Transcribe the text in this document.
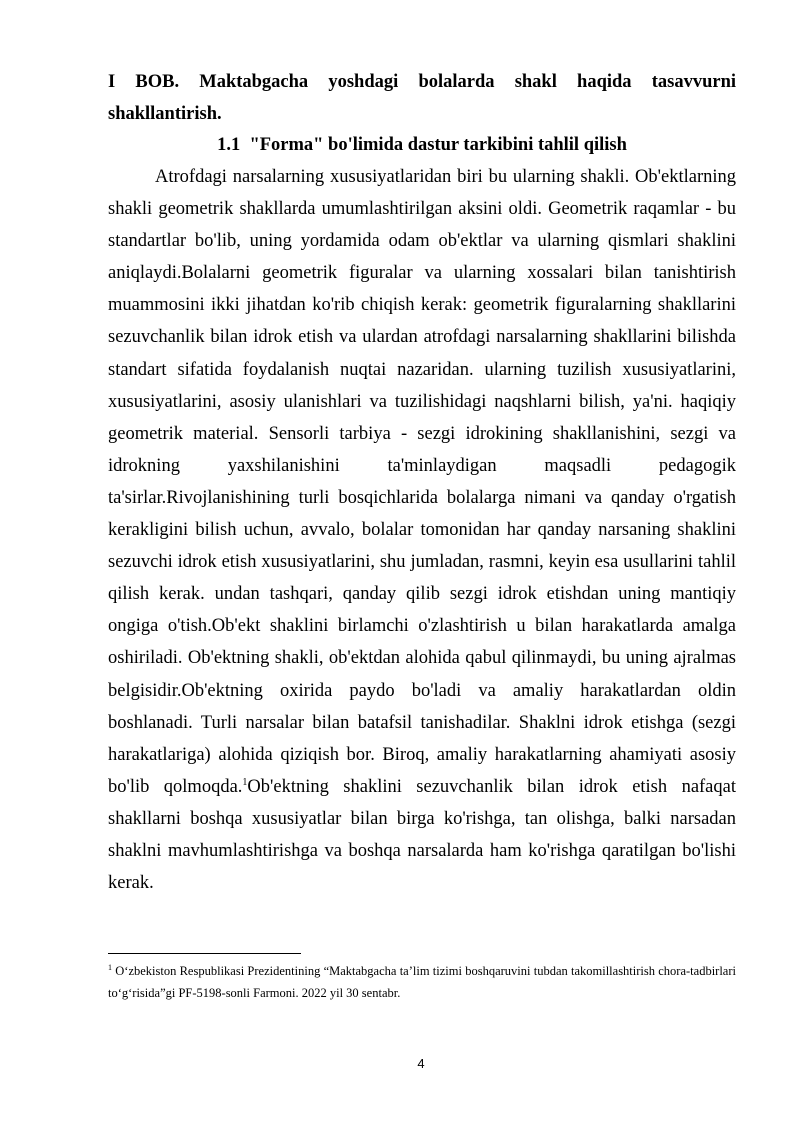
I BOB. Maktabgacha yoshdagi bolalarda shakl haqida tasavvurni shakllantirish.

1.1  "Forma" bo'limida dastur tarkibini tahlil qilish

Atrofdagi narsalarning xususiyatlaridan biri bu ularning shakli. Ob'ektlarning shakli geometrik shakllarda umumlashtirilgan aksini oldi. Geometrik raqamlar - bu standartlar bo'lib, uning yordamida odam ob'ektlar va ularning qismlari shaklini aniqlaydi.Bolalarni geometrik figuralar va ularning xossalari bilan tanishtirish muammosini ikki jihatdan ko'rib chiqish kerak: geometrik figuralarning shakllarini sezuvchanlik bilan idrok etish va ulardan atrofdagi narsalarning shakllarini bilishda standart sifatida foydalanish nuqtai nazaridan. ularning tuzilish xususiyatlarini, xususiyatlarini, asosiy ulanishlari va tuzilishidagi naqshlarni bilish, ya'ni. haqiqiy geometrik material. Sensorli tarbiya - sezgi idrokining shakllanishini, sezgi va idrokning yaxshilanishini ta'minlaydigan maqsadli pedagogik ta'sirlar.Rivojlanishining turli bosqichlarida bolalarga nimani va qanday o'rgatish kerakligini bilish uchun, avvalo, bolalar tomonidan har qanday narsaning shaklini sezuvchi idrok etish xususiyatlarini, shu jumladan, rasmni, keyin esa usullarini tahlil qilish kerak. undan tashqari, qanday qilib sezgi idrok etishdan uning mantiqiy ongiga o'tish.Ob'ekt shaklini birlamchi o'zlashtirish u bilan harakatlarda amalga oshiriladi. Ob'ektning shakli, ob'ektdan alohida qabul qilinmaydi, bu uning ajralmas belgisidir.Ob'ektning oxirida paydo bo'ladi va amaliy harakatlardan oldin boshlanadi. Turli narsalar bilan batafsil tanishadilar. Shaklni idrok etishga (sezgi harakatlariga) alohida qiziqish bor. Biroq, amaliy harakatlarning ahamiyati asosiy bo'lib qolmoqda.$^1$Ob'ektning shaklini sezuvchanlik bilan idrok etish nafaqat shakllarni boshqa xususiyatlar bilan birga ko'rishga, tan olishga, balki narsadan shaklni mavhumlashtirishga va boshqa narsalarda ham ko'rishga qaratilgan bo'lishi kerak.

$^1$ O‘zbekiston Respublikasi Prezidentining “Maktabgacha ta’lim tizimi boshqaruvini tubdan takomillashtirish chora-tadbirlari to‘g‘risida”gi PF-5198-sonli Farmoni. 2022 yil 30 sentabr.

4
